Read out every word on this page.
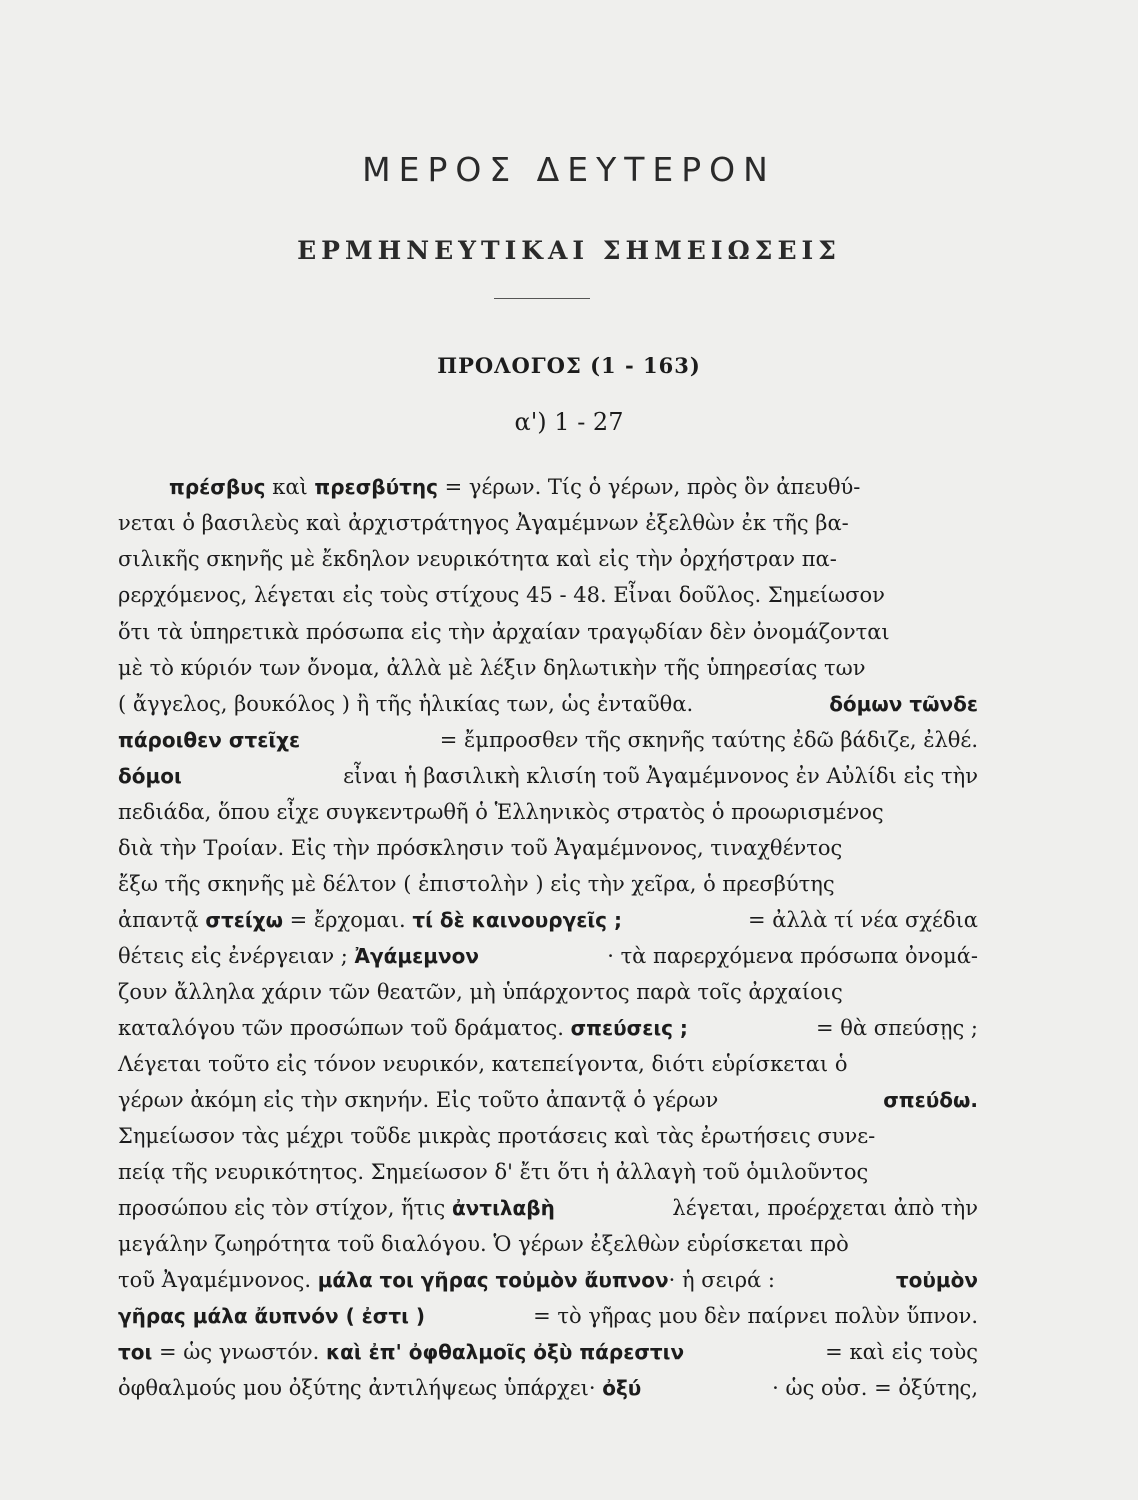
ΜΕΡΟΣ ΔΕΥΤΕΡΟΝ
ΕΡΜΗΝΕΥΤΙΚΑΙ ΣΗΜΕΙΩΣΕΙΣ
ΠΡΟΛΟΓΟΣ (1 - 163)
α') 1 - 27
πρέσβυς καὶ πρεσβύτης = γέρων. Τίς ὁ γέρων, πρὸς ὃν ἀπευθύ-
νεται ὁ βασιλεὺς καὶ ἀρχιστράτηγος Ἀγαμέμνων ἐξελθὼν ἐκ τῆς βα-
σιλικῆς σκηνῆς μὲ ἔκδηλον νευρικότητα καὶ εἰς τὴν ὀρχήστραν πα-
ρερχόμενος, λέγεται εἰς τοὺς στίχους 45 - 48. Εἶναι δοῦλος. Σημείωσον
ὅτι τὰ ὑπηρετικὰ πρόσωπα εἰς τὴν ἀρχαίαν τραγῳδίαν δὲν ὀνομάζονται
μὲ τὸ κύριόν των ὄνομα, ἀλλὰ μὲ λέξιν δηλωτικὴν τῆς ὑπηρεσίας των
( ἄγγελος, βουκόλος ) ἢ τῆς ἡλικίας των, ὡς ἐνταῦθα.	δόμων τῶνδε
πάροιθεν στεῖχε	= ἔμπροσθεν τῆς σκηνῆς ταύτης ἐδῶ βάδιζε, ἐλθέ.
δόμοι	εἶναι ἡ βασιλικὴ κλισίη τοῦ Ἀγαμέμνονος ἐν Αὐλίδι εἰς τὴν
πεδιάδα, ὅπου εἶχε συγκεντρωθῆ ὁ Ἑλληνικὸς στρατὸς ὁ προωρισμένος
διὰ τὴν Τροίαν. Εἰς τὴν πρόσκλησιν τοῦ Ἀγαμέμνονος, τιναχθέντος
ἔξω τῆς σκηνῆς μὲ δέλτον ( ἐπιστολὴν ) εἰς τὴν χεῖρα, ὁ πρεσβύτης
ἀπαντᾷ στείχω = ἔρχομαι. τί δὲ καινουργεῖς ;	= ἀλλὰ τί νέα σχέδια
θέτεις εἰς ἐνέργειαν ; Ἀγάμεμνον	· τὰ παρερχόμενα πρόσωπα ὀνομά-
ζουν ἄλληλα χάριν τῶν θεατῶν, μὴ ὑπάρχοντος παρὰ τοῖς ἀρχαίοις
καταλόγου τῶν προσώπων τοῦ δράματος. σπεύσεις ;	= θὰ σπεύσῃς ;
Λέγεται τοῦτο εἰς τόνον νευρικόν, κατεπείγοντα, διότι εὑρίσκεται ὁ
γέρων ἀκόμη εἰς τὴν σκηνήν. Εἰς τοῦτο ἀπαντᾷ ὁ γέρων	σπεύδω.
Σημείωσον τὰς μέχρι τοῦδε μικρὰς προτάσεις καὶ τὰς ἐρωτήσεις συνε-
πείᾳ τῆς νευρικότητος. Σημείωσον δ' ἔτι ὅτι ἡ ἀλλαγὴ τοῦ ὁμιλοῦντος
προσώπου εἰς τὸν στίχον, ἥτις ἀντιλαβὴ	λέγεται, προέρχεται ἀπὸ τὴν
μεγάλην ζωηρότητα τοῦ διαλόγου. Ὁ γέρων ἐξελθὼν εὑρίσκεται πρὸ
τοῦ Ἀγαμέμνονος. μάλα τοι γῆρας τοὐμὸν ἄυπνον· ἡ σειρά :	τοὐμὸν
γῆρας μάλα ἄυπνόν ( ἐστι )	= τὸ γῆρας μου δὲν παίρνει πολὺν ὕπνον.
τοι = ὡς γνωστόν. καὶ ἐπ' ὀφθαλμοῖς ὀξὺ πάρεστιν	= καὶ εἰς τοὺς
ὀφθαλμούς μου ὀξύτης ἀντιλήψεως ὑπάρχει· ὀξύ	· ὡς οὐσ. = ὀξύτης,
